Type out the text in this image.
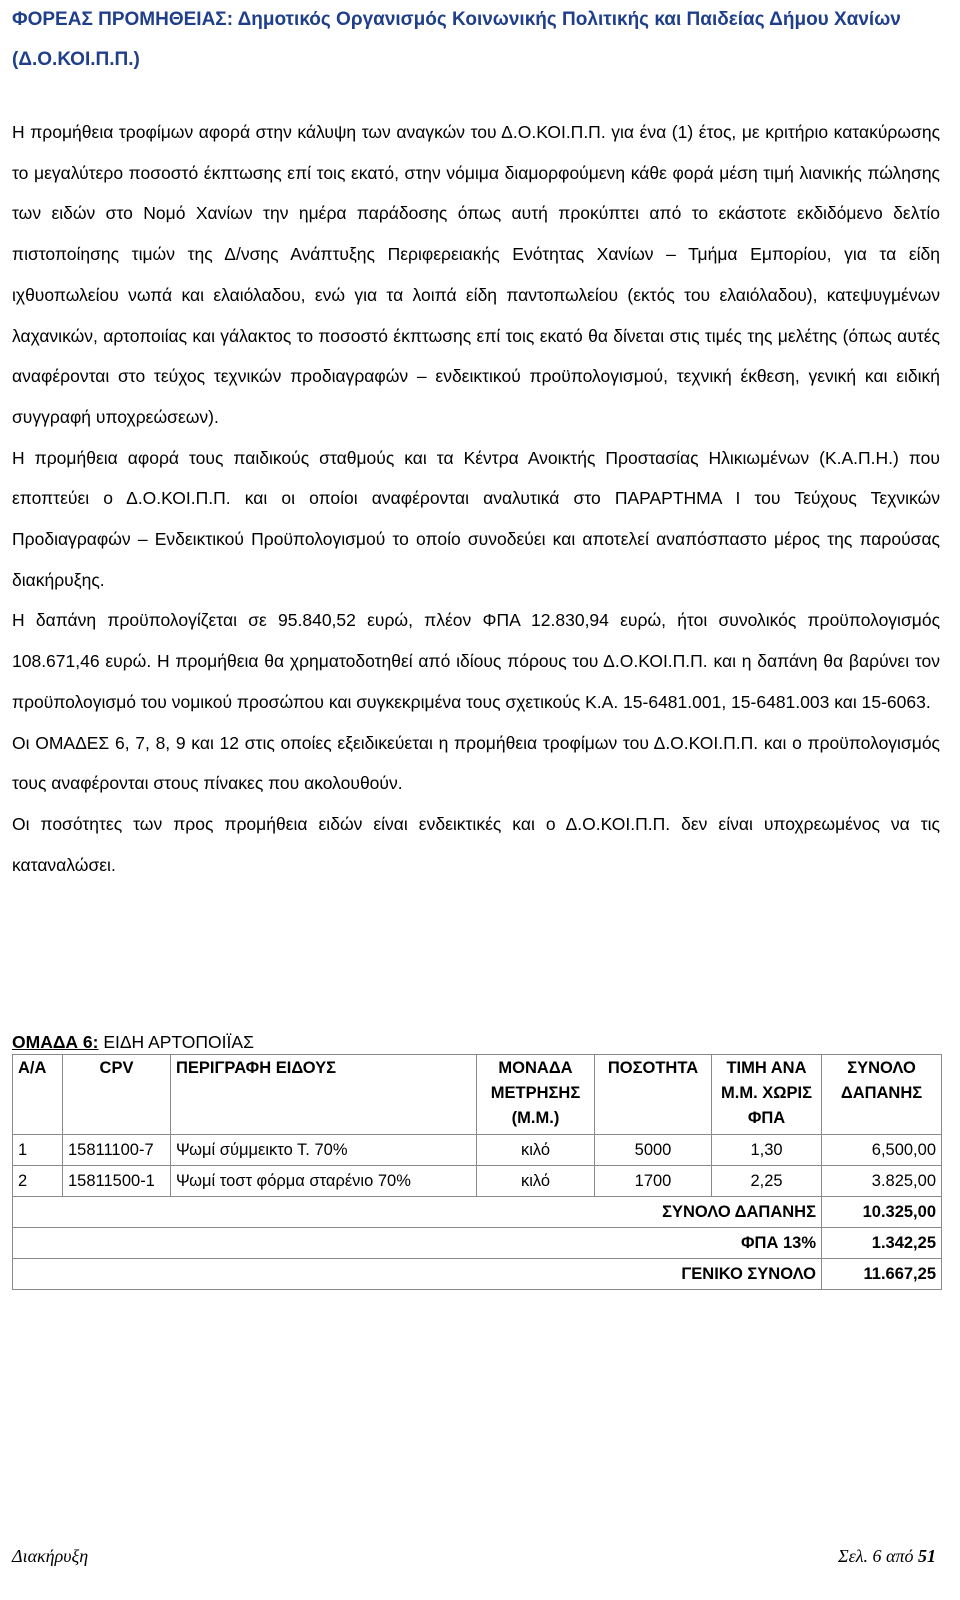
ΦΟΡΕΑΣ ΠΡΟΜΗΘΕΙΑΣ: Δημοτικός Οργανισμός Κοινωνικής Πολιτικής και Παιδείας Δήμου Χανίων
(Δ.Ο.ΚΟΙ.Π.Π.)

Η προμήθεια τροφίμων αφορά στην κάλυψη των αναγκών του Δ.Ο.ΚΟΙ.Π.Π. για ένα (1) έτος, με κριτήριο κατακύρωσης το μεγαλύτερο ποσοστό έκπτωσης επί τοις εκατό, στην νόμιμα διαμορφούμενη κάθε φορά μέση τιμή λιανικής πώλησης των ειδών στο Νομό Χανίων την ημέρα παράδοσης όπως αυτή προκύπτει από το εκάστοτε εκδιδόμενο δελτίο πιστοποίησης τιμών της Δ/νσης Ανάπτυξης Περιφερειακής Ενότητας Χανίων – Τμήμα Εμπορίου, για τα είδη ιχθυοπωλείου νωπά και ελαιόλαδου, ενώ για τα λοιπά είδη παντοπωλείου (εκτός του ελαιόλαδου), κατεψυγμένων λαχανικών, αρτοποιίας και γάλακτος το ποσοστό έκπτωσης επί τοις εκατό θα δίνεται στις τιμές της μελέτης (όπως αυτές αναφέρονται στο τεύχος τεχνικών προδιαγραφών – ενδεικτικού προϋπολογισμού, τεχνική έκθεση, γενική και ειδική συγγραφή υποχρεώσεων).

Η προμήθεια αφορά τους παιδικούς σταθμούς και τα Κέντρα Ανοικτής Προστασίας Ηλικιωμένων (Κ.Α.Π.Η.) που εποπτεύει ο Δ.Ο.ΚΟΙ.Π.Π. και οι οποίοι αναφέρονται αναλυτικά στο ΠΑΡΑΡΤΗΜΑ Ι του Τεύχους Τεχνικών Προδιαγραφών – Ενδεικτικού Προϋπολογισμού το οποίο συνοδεύει και αποτελεί αναπόσπαστο μέρος της παρούσας διακήρυξης.

Η δαπάνη προϋπολογίζεται σε 95.840,52 ευρώ, πλέον ΦΠΑ 12.830,94 ευρώ, ήτοι συνολικός προϋπολογισμός 108.671,46 ευρώ. Η προμήθεια θα χρηματοδοτηθεί από ιδίους πόρους του Δ.Ο.ΚΟΙ.Π.Π. και η δαπάνη θα βαρύνει τον προϋπολογισμό του νομικού προσώπου και συγκεκριμένα τους σχετικούς Κ.Α. 15-6481.001, 15-6481.003 και 15-6063.

Οι ΟΜΑΔΕΣ 6, 7, 8, 9 και 12 στις οποίες εξειδικεύεται η προμήθεια τροφίμων του Δ.Ο.ΚΟΙ.Π.Π. και ο προϋπολογισμός τους αναφέρονται στους πίνακες που ακολουθούν.

Οι ποσότητες των προς προμήθεια ειδών είναι ενδεικτικές και ο Δ.Ο.ΚΟΙ.Π.Π. δεν είναι υποχρεωμένος να τις καταναλώσει.

ΟΜΑΔΑ 6: ΕΙΔΗ ΑΡΤΟΠΟΙΪΑΣ
Α/Α	CPV	ΠΕΡΙΓΡΑΦΗ ΕΙΔΟΥΣ	ΜΟΝΑΔΑ ΜΕΤΡΗΣΗΣ (Μ.Μ.)	ΠΟΣΟΤΗΤΑ	ΤΙΜΗ ΑΝΑ Μ.Μ. ΧΩΡΙΣ ΦΠΑ	ΣΥΝΟΛΟ ΔΑΠΑΝΗΣ
1	15811100-7	Ψωμί σύμμεικτο Τ. 70%	κιλό	5000	1,30	6,500,00
2	15811500-1	Ψωμί τοστ φόρμα σταρένιο 70%	κιλό	1700	2,25	3.825,00
ΣΥΝΟΛΟ ΔΑΠΑΝΗΣ						10.325,00
ΦΠΑ 13%						1.342,25
ΓΕΝΙΚΟ ΣΥΝΟΛΟ						11.667,25
Διακήρυξη	Σελ. 6 από 51
